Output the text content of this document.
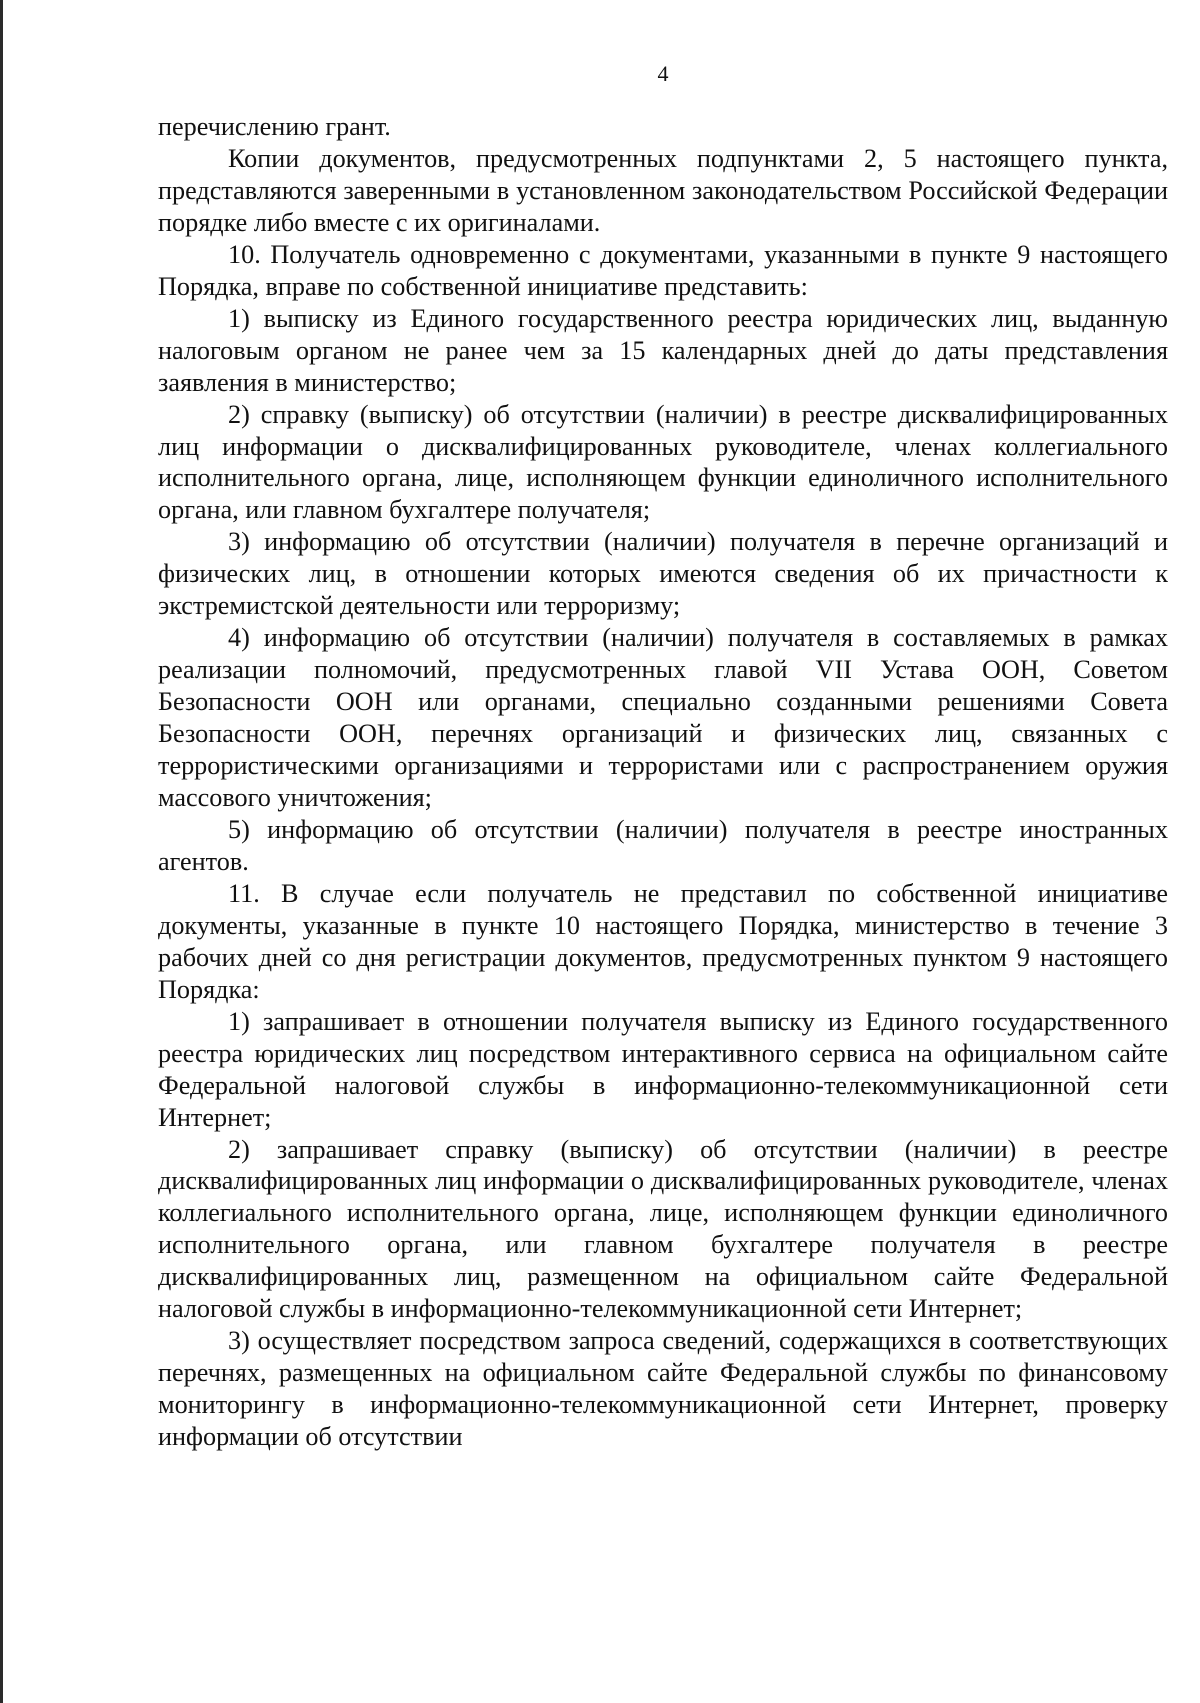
4

перечислению грант.

Копии документов, предусмотренных подпунктами 2, 5 настоящего пункта, представляются заверенными в установленном законодательством Российской Федерации порядке либо вместе с их оригиналами.

10. Получатель одновременно с документами, указанными в пункте 9 настоящего Порядка, вправе по собственной инициативе представить:

1) выписку из Единого государственного реестра юридических лиц, выданную налоговым органом не ранее чем за 15 календарных дней до даты представления заявления в министерство;

2) справку (выписку) об отсутствии (наличии) в реестре дисквалифицированных лиц информации о дисквалифицированных руководителе, членах коллегиального исполнительного органа, лице, исполняющем функции единоличного исполнительного органа, или главном бухгалтере получателя;

3) информацию об отсутствии (наличии) получателя в перечне организаций и физических лиц, в отношении которых имеются сведения об их причастности к экстремистской деятельности или терроризму;

4) информацию об отсутствии (наличии) получателя в составляемых в рамках реализации полномочий, предусмотренных главой VII Устава ООН, Советом Безопасности ООН или органами, специально созданными решениями Совета Безопасности ООН, перечнях организаций и физических лиц, связанных с террористическими организациями и террористами или с распространением оружия массового уничтожения;

5) информацию об отсутствии (наличии) получателя в реестре иностранных агентов.

11. В случае если получатель не представил по собственной инициативе документы, указанные в пункте 10 настоящего Порядка, министерство в течение 3 рабочих дней со дня регистрации документов, предусмотренных пунктом 9 настоящего Порядка:

1) запрашивает в отношении получателя выписку из Единого государственного реестра юридических лиц посредством интерактивного сервиса на официальном сайте Федеральной налоговой службы в информационно-телекоммуникационной сети Интернет;

2) запрашивает справку (выписку) об отсутствии (наличии) в реестре дисквалифицированных лиц информации о дисквалифицированных руководителе, членах коллегиального исполнительного органа, лице, исполняющем функции единоличного исполнительного органа, или главном бухгалтере получателя в реестре дисквалифицированных лиц, размещенном на официальном сайте Федеральной налоговой службы в информационно-телекоммуникационной сети Интернет;

3) осуществляет посредством запроса сведений, содержащихся в соответствующих перечнях, размещенных на официальном сайте Федеральной службы по финансовому мониторингу в информационно-телекоммуникационной сети Интернет, проверку информации об отсутствии
